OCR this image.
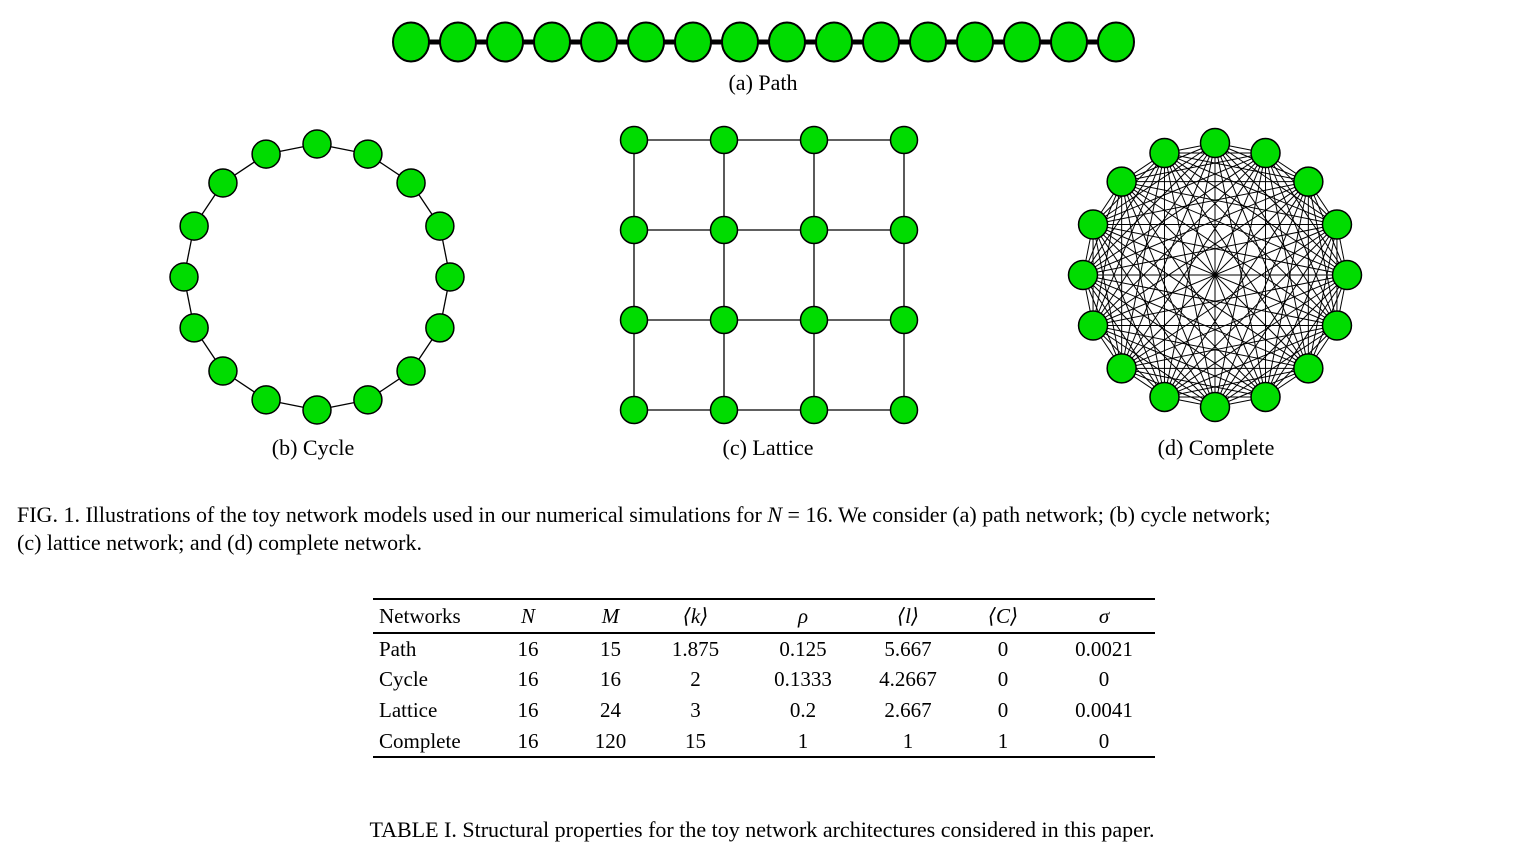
(a) Path
(b) Cycle	(c) Lattice	(d) Complete

FIG. 1. Illustrations of the toy network models used in our numerical simulations for N = 16. We consider (a) path network; (b) cycle network;
(c) lattice network; and (d) complete network.

Networks	N	M	⟨k⟩	ρ	⟨l⟩	⟨C⟩	σ
Path	16	15	1.875	0.125	5.667	0	0.0021
Cycle	16	16	2	0.1333	4.2667	0	0
Lattice	16	24	3	0.2	2.667	0	0.0041
Complete	16	120	15	1	1	1	0
TABLE I. Structural properties for the toy network architectures considered in this paper.
